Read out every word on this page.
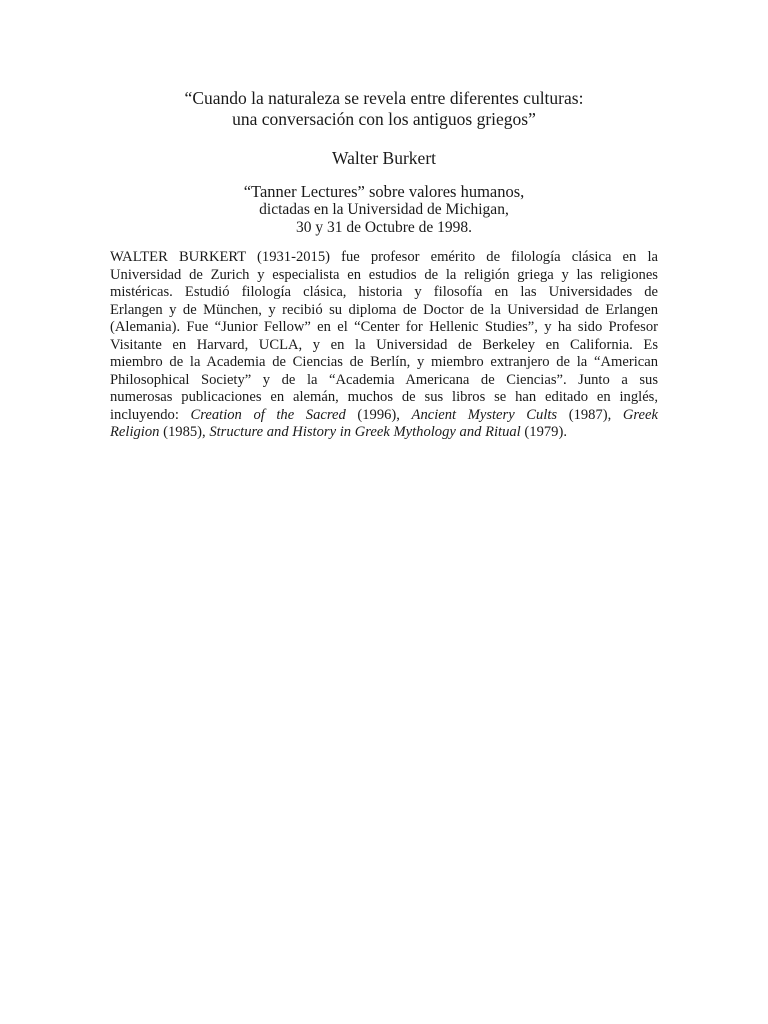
“Cuando la naturaleza se revela entre diferentes culturas:
una conversación con los antiguos griegos”
Walter Burkert
“Tanner Lectures” sobre valores humanos,
dictadas en la Universidad de Michigan,
30 y 31 de Octubre de 1998.
WALTER BURKERT (1931-2015) fue profesor emérito de filología clásica en la
Universidad de Zurich y especialista en estudios de la religión griega y las religiones
mistéricas. Estudió filología clásica, historia y filosofía en las Universidades de
Erlangen y de München, y recibió su diploma de Doctor de la Universidad de Erlangen
(Alemania). Fue “Junior Fellow” en el “Center for Hellenic Studies”, y ha sido Profesor
Visitante en Harvard, UCLA, y en la Universidad de Berkeley en California. Es
miembro de la Academia de Ciencias de Berlín, y miembro extranjero de la “American
Philosophical Society” y de la “Academia Americana de Ciencias”. Junto a sus
numerosas publicaciones en alemán, muchos de sus libros se han editado en inglés,
incluyendo: Creation of the Sacred (1996), Ancient Mystery Cults (1987), Greek
Religion (1985), Structure and History in Greek Mythology and Ritual (1979).
